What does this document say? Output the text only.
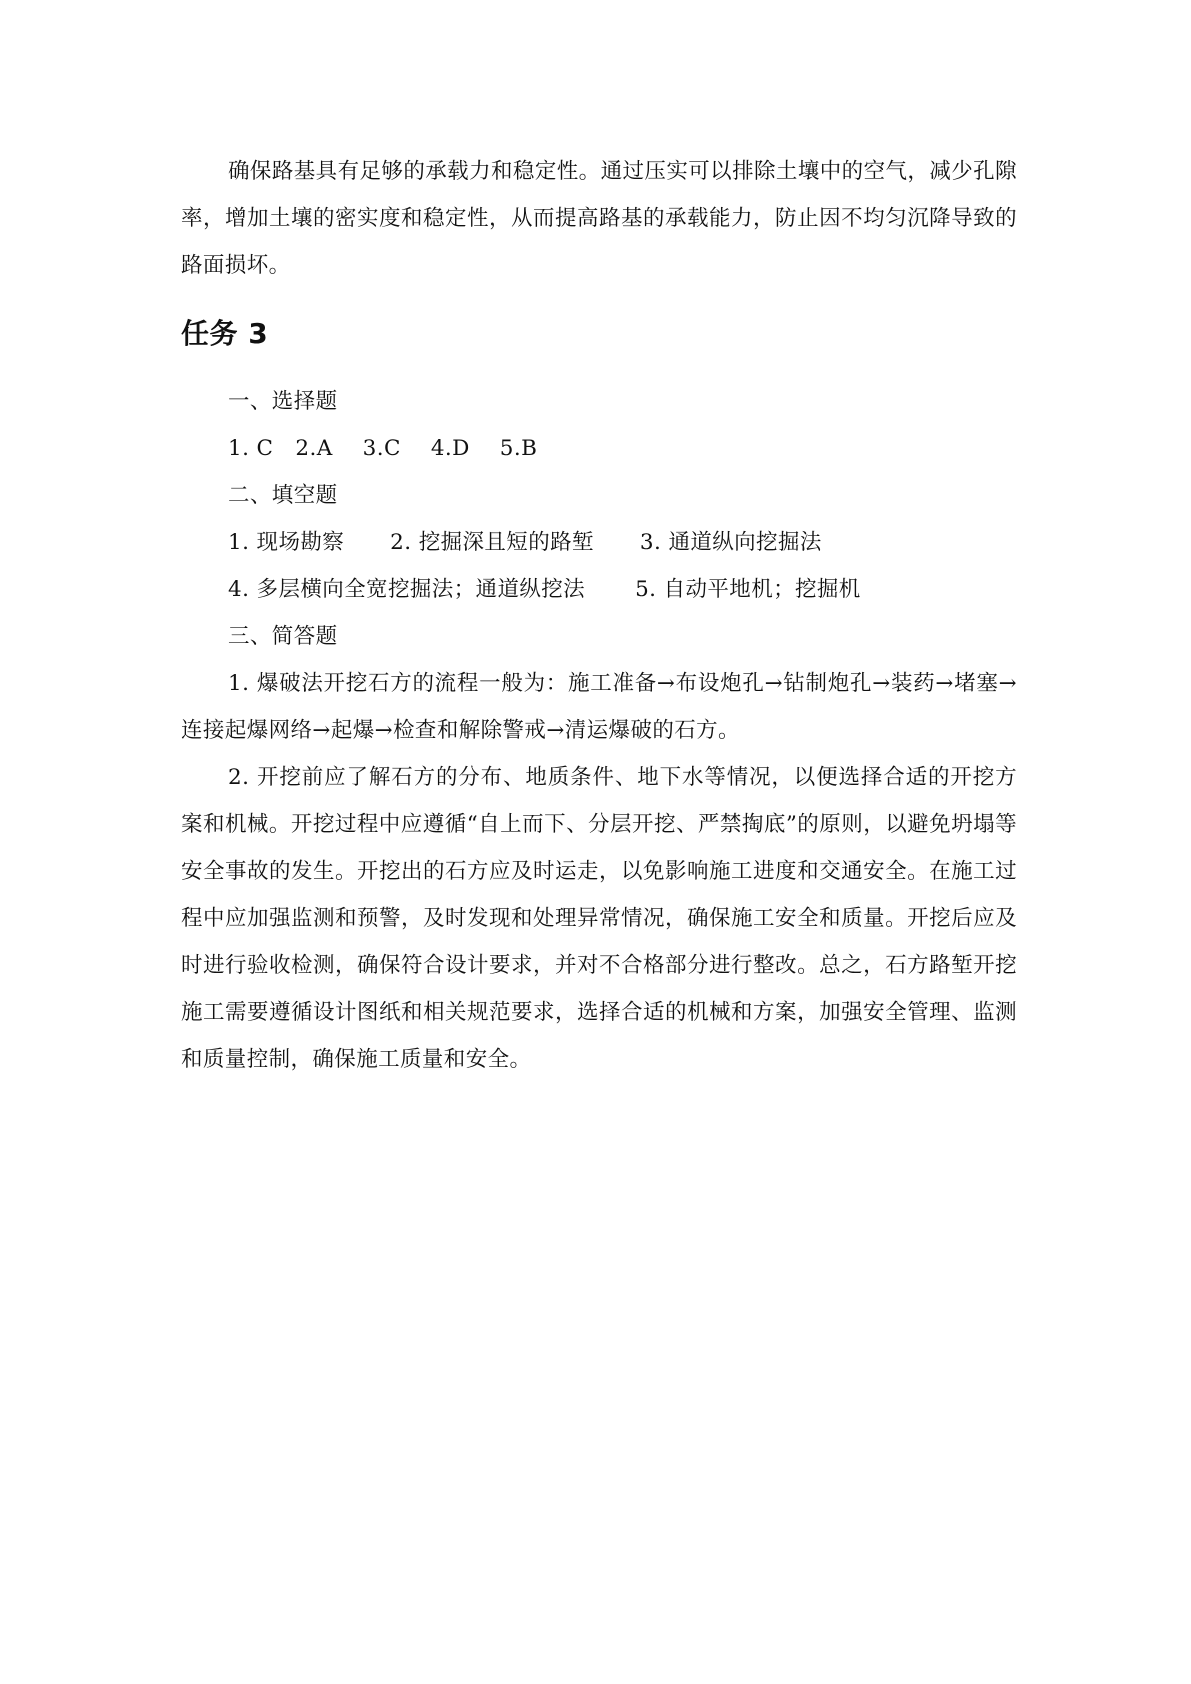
确保路基具有足够的承载力和稳定性。通过压实可以排除土壤中的空气，减少孔隙率，增加土壤的密实度和稳定性，从而提高路基的承载能力，防止因不均匀沉降导致的路面损坏。

任务 3

一、选择题

1. C 2.A 3.C 4.D 5.B

二、填空题

1. 现场勘察 2. 挖掘深且短的路堑 3. 通道纵向挖掘法

4. 多层横向全宽挖掘法；通道纵挖法 5. 自动平地机；挖掘机

三、简答题

1. 爆破法开挖石方的流程一般为：施工准备→布设炮孔→钻制炮孔→装药→堵塞→连接起爆网络→起爆→检查和解除警戒→清运爆破的石方。

2. 开挖前应了解石方的分布、地质条件、地下水等情况，以便选择合适的开挖方案和机械。开挖过程中应遵循“自上而下、分层开挖、严禁掏底”的原则，以避免坍塌等安全事故的发生。开挖出的石方应及时运走，以免影响施工进度和交通安全。在施工过程中应加强监测和预警，及时发现和处理异常情况，确保施工安全和质量。开挖后应及时进行验收检测，确保符合设计要求，并对不合格部分进行整改。总之，石方路堑开挖施工需要遵循设计图纸和相关规范要求，选择合适的机械和方案，加强安全管理、监测和质量控制，确保施工质量和安全。
